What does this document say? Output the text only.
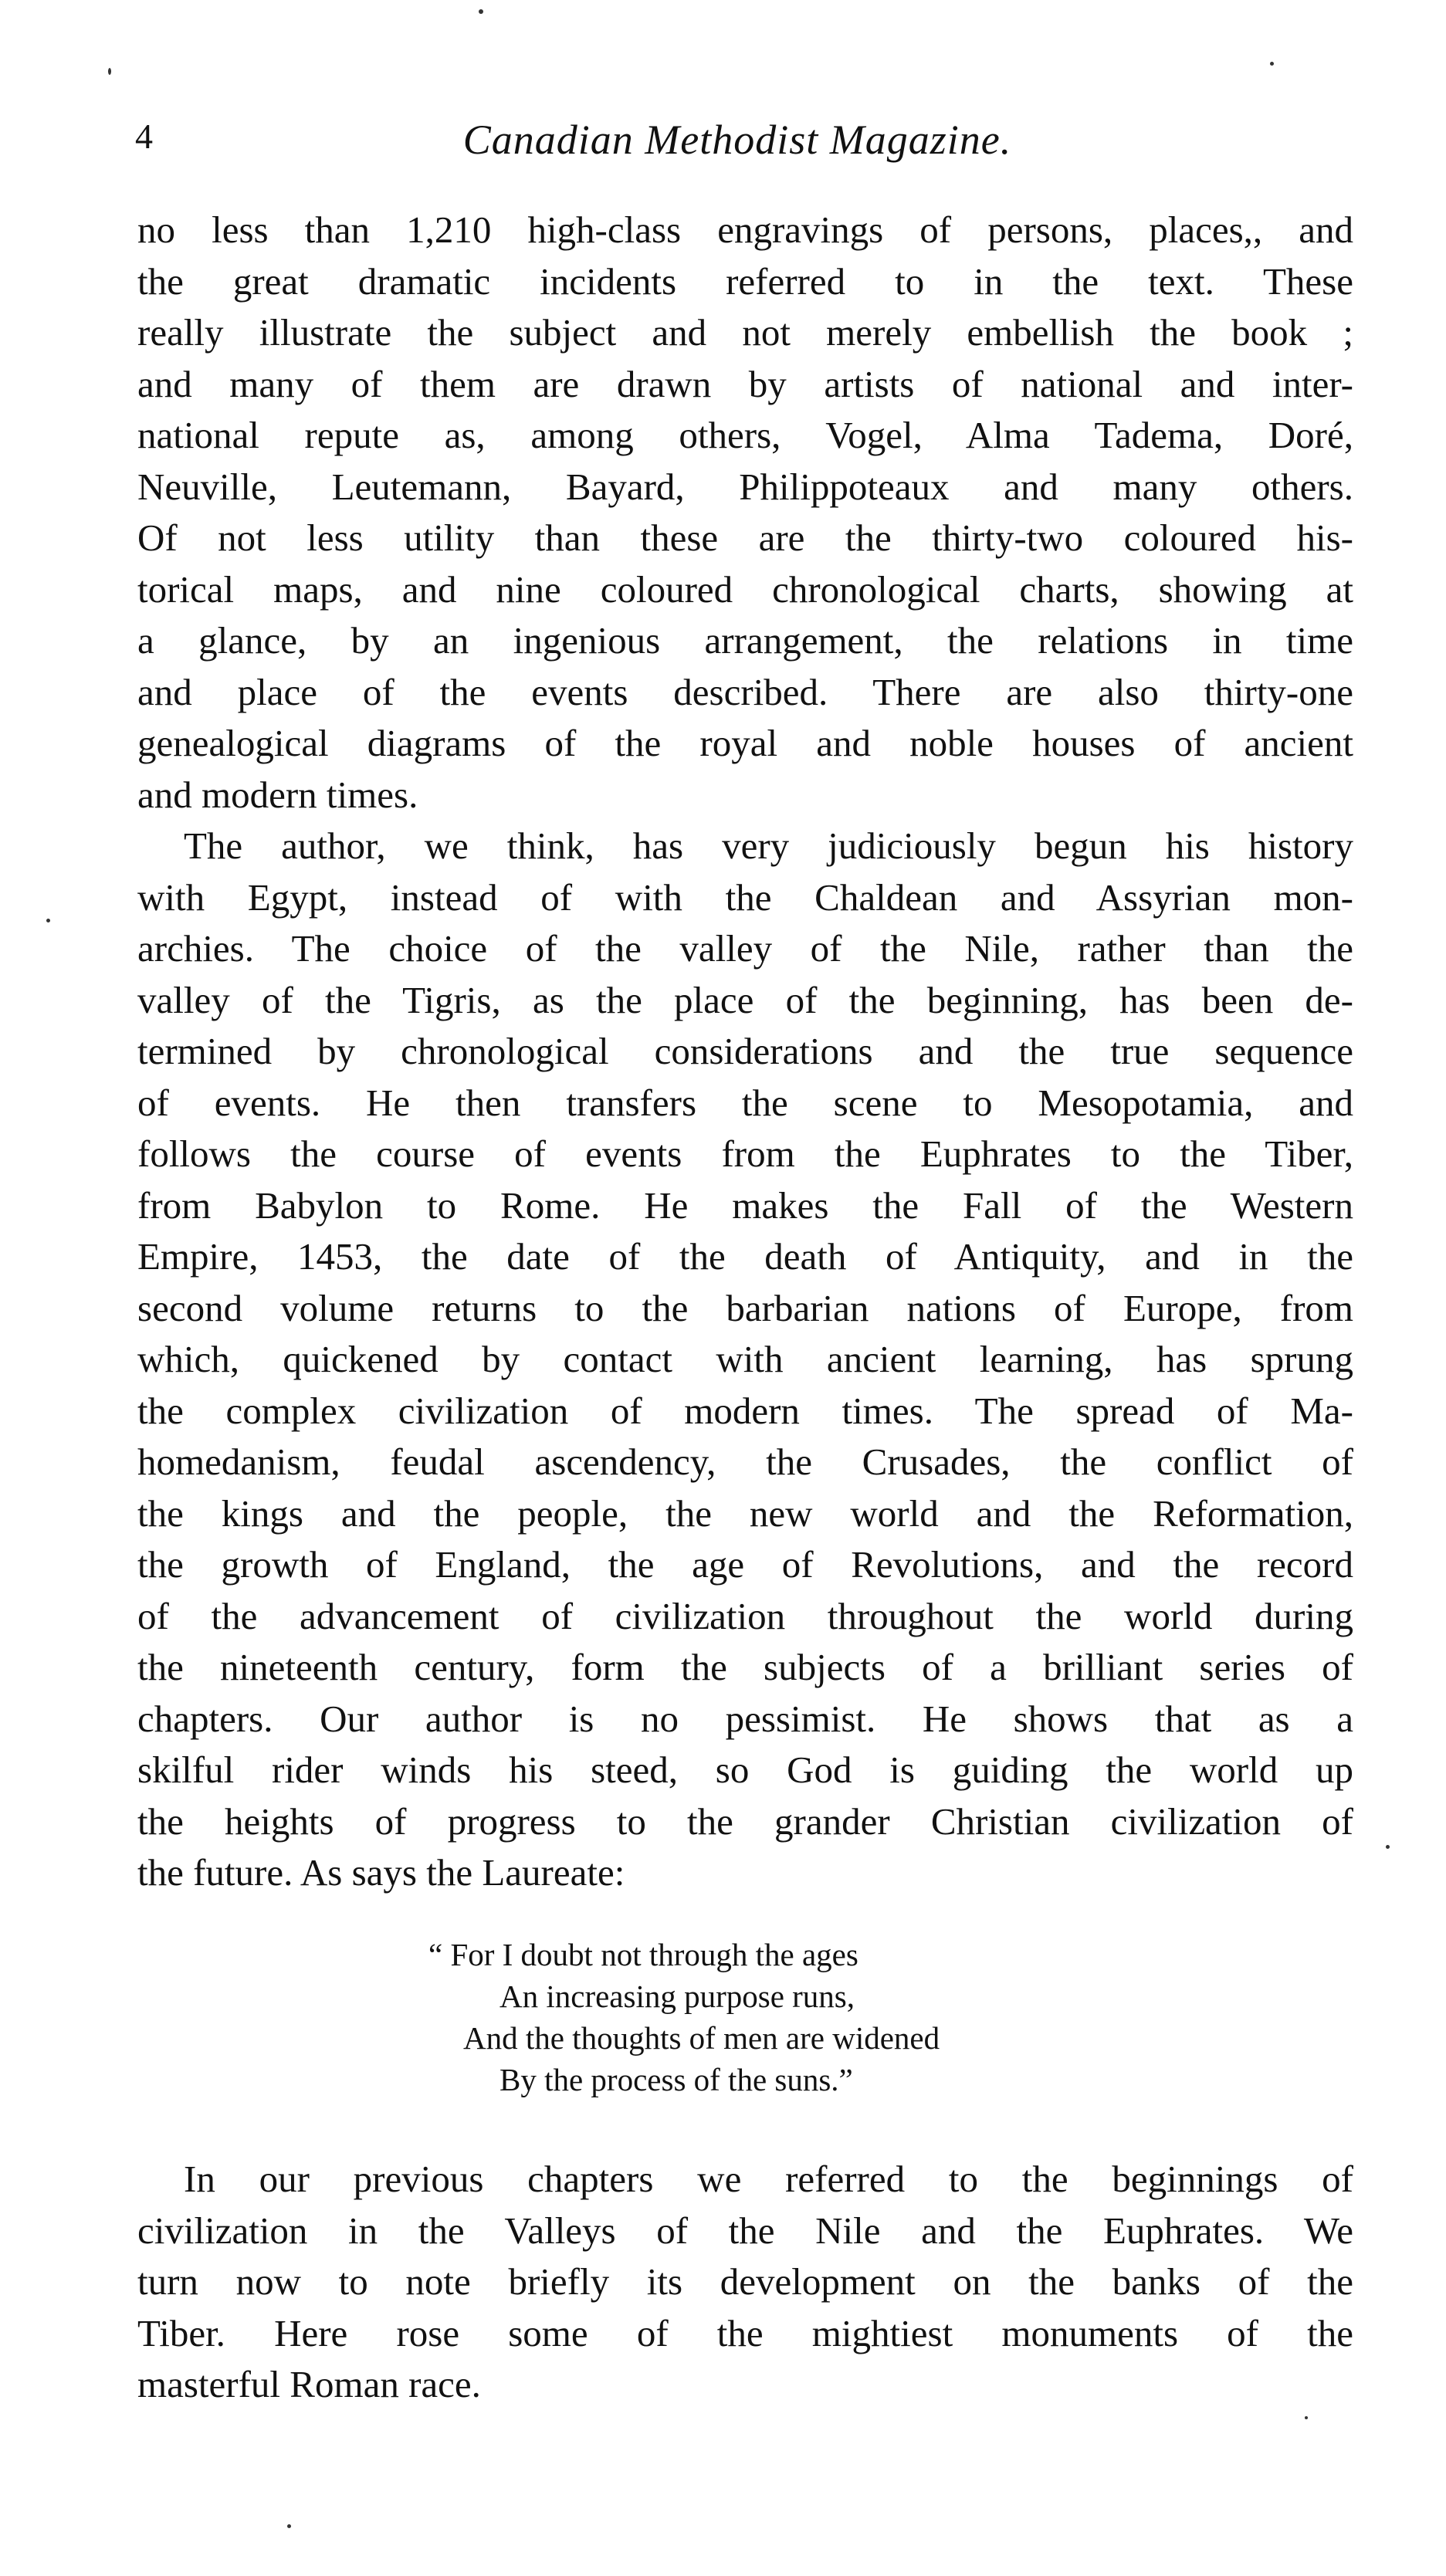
4	Canadian Methodist Magazine.
no less than 1,210 high-class engravings of persons, places,, and
the great dramatic incidents referred to in the text. These
really illustrate the subject and not merely embellish the book ;
and many of them are drawn by artists of national and inter-
national repute as, among others, Vogel, Alma Tadema, Doré,
Neuville, Leutemann, Bayard, Philippoteaux and many others.
Of not less utility than these are the thirty-two coloured his-
torical maps, and nine coloured chronological charts, showing at
a glance, by an ingenious arrangement, the relations in time
and place of the events described. There are also thirty-one
genealogical diagrams of the royal and noble houses of ancient
and modern times.
The author, we think, has very judiciously begun his history
with Egypt, instead of with the Chaldean and Assyrian mon-
archies. The choice of the valley of the Nile, rather than the
valley of the Tigris, as the place of the beginning, has been de-
termined by chronological considerations and the true sequence
of events. He then transfers the scene to Mesopotamia, and
follows the course of events from the Euphrates to the Tiber,
from Babylon to Rome. He makes the Fall of the Western
Empire, 1453, the date of the death of Antiquity, and in the
second volume returns to the barbarian nations of Europe, from
which, quickened by contact with ancient learning, has sprung
the complex civilization of modern times. The spread of Ma-
homedanism, feudal ascendency, the Crusades, the conflict of
the kings and the people, the new world and the Reformation,
the growth of England, the age of Revolutions, and the record
of the advancement of civilization throughout the world during
the nineteenth century, form the subjects of a brilliant series of
chapters. Our author is no pessimist. He shows that as a
skilful rider winds his steed, so God is guiding the world up
the heights of progress to the grander Christian civilization of
the future. As says the Laureate:
“ For I doubt not through the ages
An increasing purpose runs,
And the thoughts of men are widened
By the process of the suns.”
In our previous chapters we referred to the beginnings of
civilization in the Valleys of the Nile and the Euphrates. We
turn now to note briefly its development on the banks of the
Tiber. Here rose some of the mightiest monuments of the
masterful Roman race.
